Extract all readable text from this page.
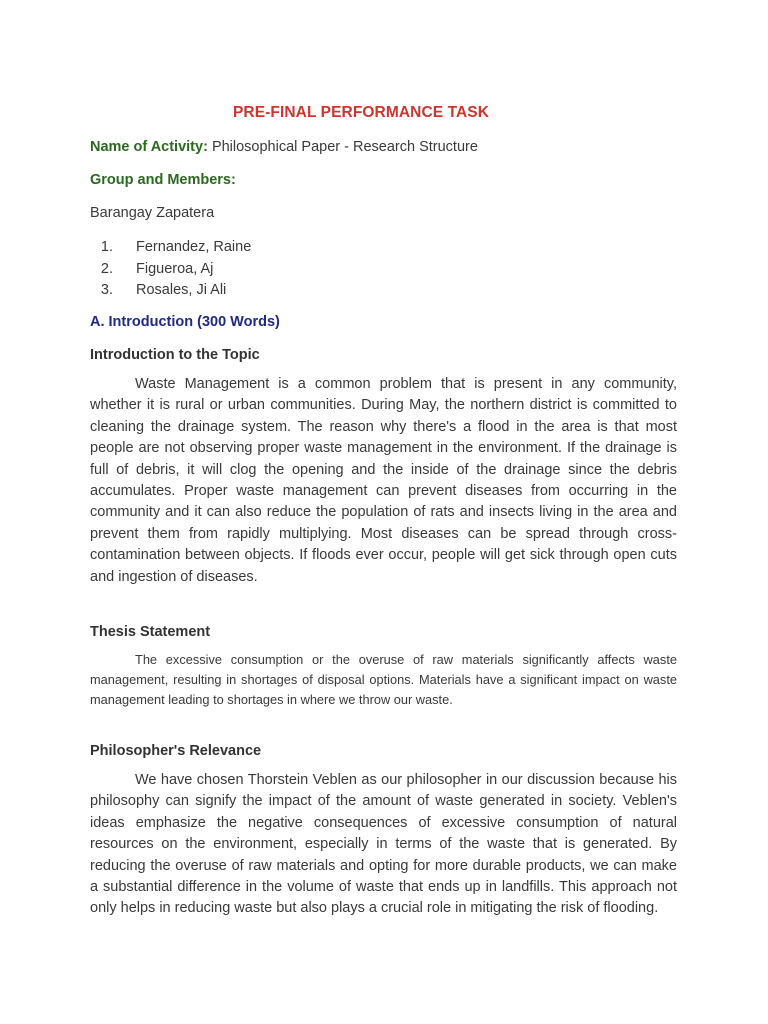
PRE-FINAL PERFORMANCE TASK
Name of Activity: Philosophical Paper - Research Structure
Group and Members:
Barangay Zapatera
1. Fernandez, Raine
2. Figueroa, Aj
3. Rosales, Ji Ali
A. Introduction (300 Words)
Introduction to the Topic

Waste Management is a common problem that is present in any community, whether it is rural or urban communities. During May, the northern district is committed to cleaning the drainage system. The reason why there's a flood in the area is that most people are not observing proper waste management in the environment. If the drainage is full of debris, it will clog the opening and the inside of the drainage since the debris accumulates. Proper waste management can prevent diseases from occurring in the community and it can also reduce the population of rats and insects living in the area and prevent them from rapidly multiplying. Most diseases can be spread through cross-contamination between objects. If floods ever occur, people will get sick through open cuts and ingestion of diseases.

Thesis Statement

The excessive consumption or the overuse of raw materials significantly affects waste management, resulting in shortages of disposal options. Materials have a significant impact on waste management leading to shortages in where we throw our waste.

Philosopher's Relevance

We have chosen Thorstein Veblen as our philosopher in our discussion because his philosophy can signify the impact of the amount of waste generated in society. Veblen's ideas emphasize the negative consequences of excessive consumption of natural resources on the environment, especially in terms of the waste that is generated. By reducing the overuse of raw materials and opting for more durable products, we can make a substantial difference in the volume of waste that ends up in landfills. This approach not only helps in reducing waste but also plays a crucial role in mitigating the risk of flooding.
